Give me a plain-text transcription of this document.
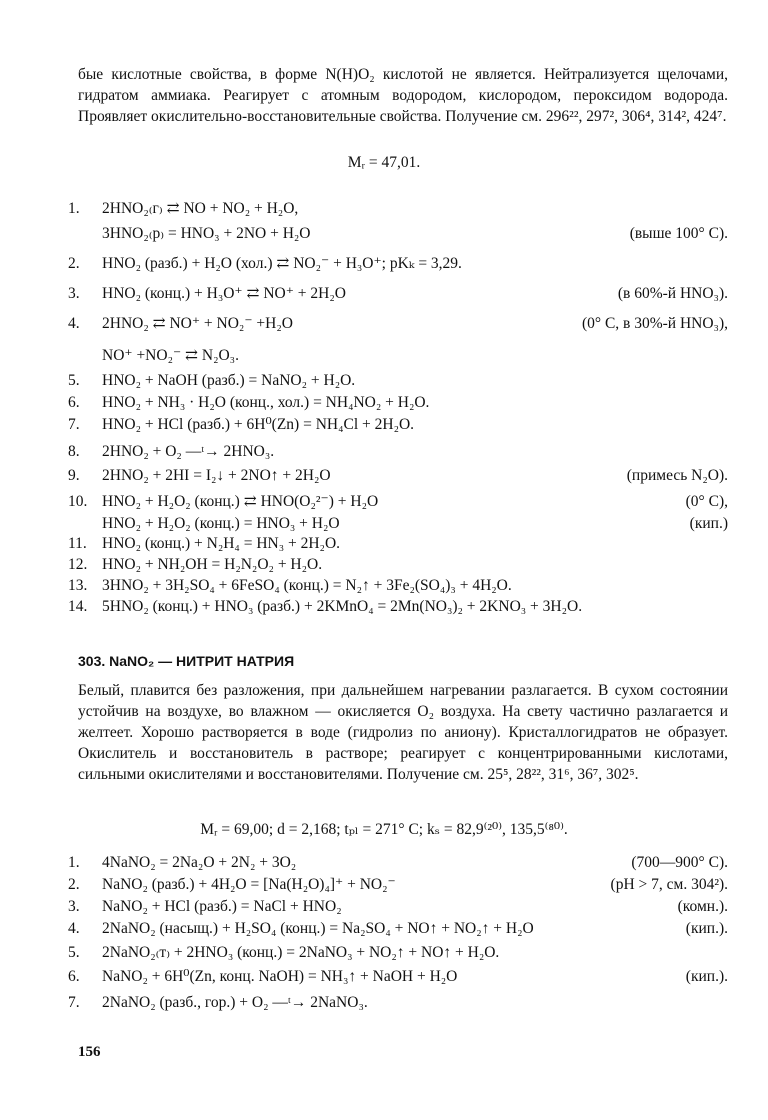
бые кислотные свойства, в форме N(H)O₂ кислотой не является. Нейтрализуется щелочами, гидратом аммиака. Реагирует с атомным водородом, кислородом, пероксидом водорода. Проявляет окислительно-восстановительные свойства. Получение см. 296²², 297², 306⁴, 314², 424⁷.

Mᵣ = 47,01.
1.	2HNO₂₍г₎ ⇄ NO + NO₂ + H₂O,
3HNO₂₍р₎ = HNO₃ + 2NO + H₂O	(выше 100° С).
2.	HNO₂ (разб.) + H₂O (хол.) ⇄ NO₂⁻ + H₃O⁺; pKₖ = 3,29.
3.	HNO₂ (конц.) + H₃O⁺ ⇄ NO⁺ + 2H₂O	(в 60%-й HNO₃).
4.	2HNO₂ ⇄ NO⁺ + NO₂⁻ +H₂O	(0° С, в 30%-й HNO₃),
NO⁺ +NO₂⁻ ⇄ N₂O₃.
5.	HNO₂ + NaOH (разб.) = NaNO₂ + H₂O.
6.	HNO₂ + NH₃ · H₂O (конц., хол.) = NH₄NO₂ + H₂O.
7.	HNO₂ + HCl (разб.) + 6H⁰(Zn) = NH₄Cl + 2H₂O.
8.	2HNO₂ + O₂ —ᵗ→ 2HNO₃.
9.	2HNO₂ + 2HI = I₂↓ + 2NO↑ + 2H₂O	(примесь N₂O).
10. HNO₂ + H₂O₂ (конц.) ⇄ HNO(O₂²⁻) + H₂O	(0° С),
HNO₂ + H₂O₂ (конц.) = HNO₃ + H₂O	(кип.)
11. HNO₂ (конц.) + N₂H₄ = HN₃ + 2H₂O.
12. HNO₂ + NH₂OH = H₂N₂O₂ + H₂O.
13. 3HNO₂ + 3H₂SO₄ + 6FeSO₄ (конц.) = N₂↑ + 3Fe₂(SO₄)₃ + 4H₂O.
14. 5HNO₂ (конц.) + HNO₃ (разб.) + 2KMnO₄ = 2Mn(NO₃)₂ + 2KNO₃ + 3H₂O.
303. NaNO₂ — НИТРИТ НАТРИЯ

Белый, плавится без разложения, при дальнейшем нагревании разлагается. В сухом состоянии устойчив на воздухе, во влажном — окисляется O₂ воздуха. На свету частично разлагается и желтеет. Хорошо растворяется в воде (гидролиз по аниону). Кристаллогидратов не образует. Окислитель и восстановитель в растворе; реагирует с концентрированными кислотами, сильными окислителями и восстановителями. Получение см. 25⁵, 28²², 31⁶, 36⁷, 302⁵.

Mᵣ = 69,00; d = 2,168; tₚₗ = 271° С; kₛ = 82,9⁽²⁰⁾, 135,5⁽⁸⁰⁾.
1.	4NaNO₂ = 2Na₂O + 2N₂ + 3O₂	(700—900° С).
2.	NaNO₂ (разб.) + 4H₂O = [Na(H₂O)₄]⁺ + NO₂⁻	(pH > 7, см. 304²).
3.	NaNO₂ + HCl (разб.) = NaCl + HNO₂	(комн.).
4.	2NaNO₂ (насыщ.) + H₂SO₄ (конц.) = Na₂SO₄ + NO↑ + NO₂↑ + H₂O	(кип.).
5.	2NaNO₂₍т₎ + 2HNO₃ (конц.) = 2NaNO₃ + NO₂↑ + NO↑ + H₂O.
6.	NaNO₂ + 6H⁰(Zn, конц. NaOH) = NH₃↑ + NaOH + H₂O	(кип.).
7.	2NaNO₂ (разб., гор.) + O₂ —ᵗ→ 2NaNO₃.
156
